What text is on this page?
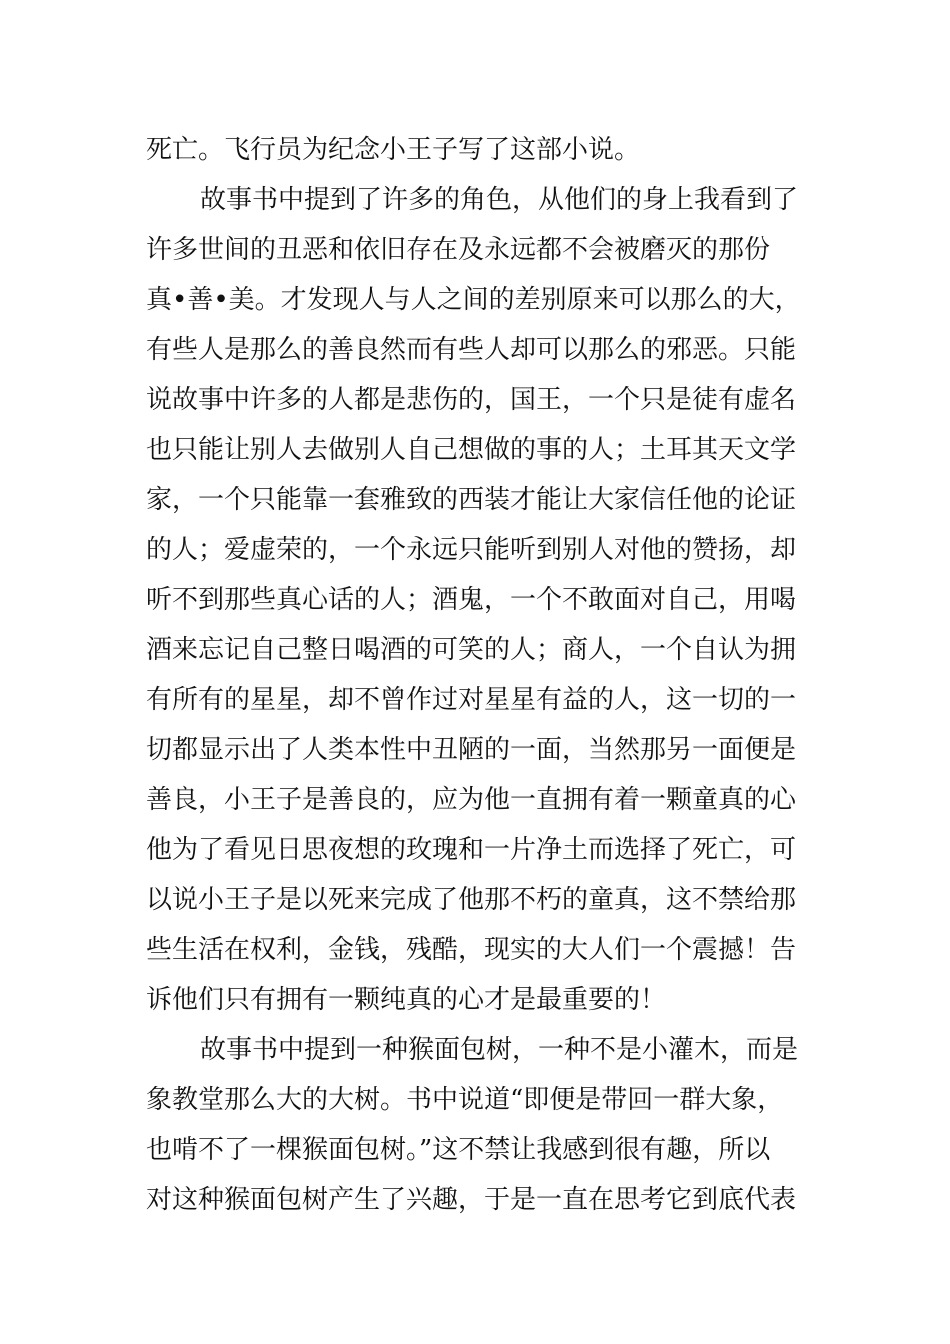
死亡。飞行员为纪念小王子写了这部小说。

故事书中提到了许多的角色，从他们的身上我看到了

许多世间的丑恶和依旧存在及永远都不会被磨灭的那份

真•善•美。才发现人与人之间的差别原来可以那么的大，

有些人是那么的善良然而有些人却可以那么的邪恶。只能

说故事中许多的人都是悲伤的，国王，一个只是徒有虚名

也只能让别人去做别人自己想做的事的人；土耳其天文学

家，一个只能靠一套雅致的西装才能让大家信任他的论证

的人；爱虚荣的，一个永远只能听到别人对他的赞扬，却

听不到那些真心话的人；酒鬼，一个不敢面对自己，用喝

酒来忘记自己整日喝酒的可笑的人；商人，一个自认为拥

有所有的星星，却不曾作过对星星有益的人，这一切的一

切都显示出了人类本性中丑陋的一面，当然那另一面便是

善良，小王子是善良的，应为他一直拥有着一颗童真的心

他为了看见日思夜想的玫瑰和一片净土而选择了死亡，可

以说小王子是以死来完成了他那不朽的童真，这不禁给那

些生活在权利，金钱，残酷，现实的大人们一个震撼！告

诉他们只有拥有一颗纯真的心才是最重要的！

故事书中提到一种猴面包树，一种不是小灌木，而是

象教堂那么大的大树。书中说道“即便是带回一群大象，

也啃不了一棵猴面包树。”这不禁让我感到很有趣，所以

对这种猴面包树产生了兴趣，于是一直在思考它到底代表
